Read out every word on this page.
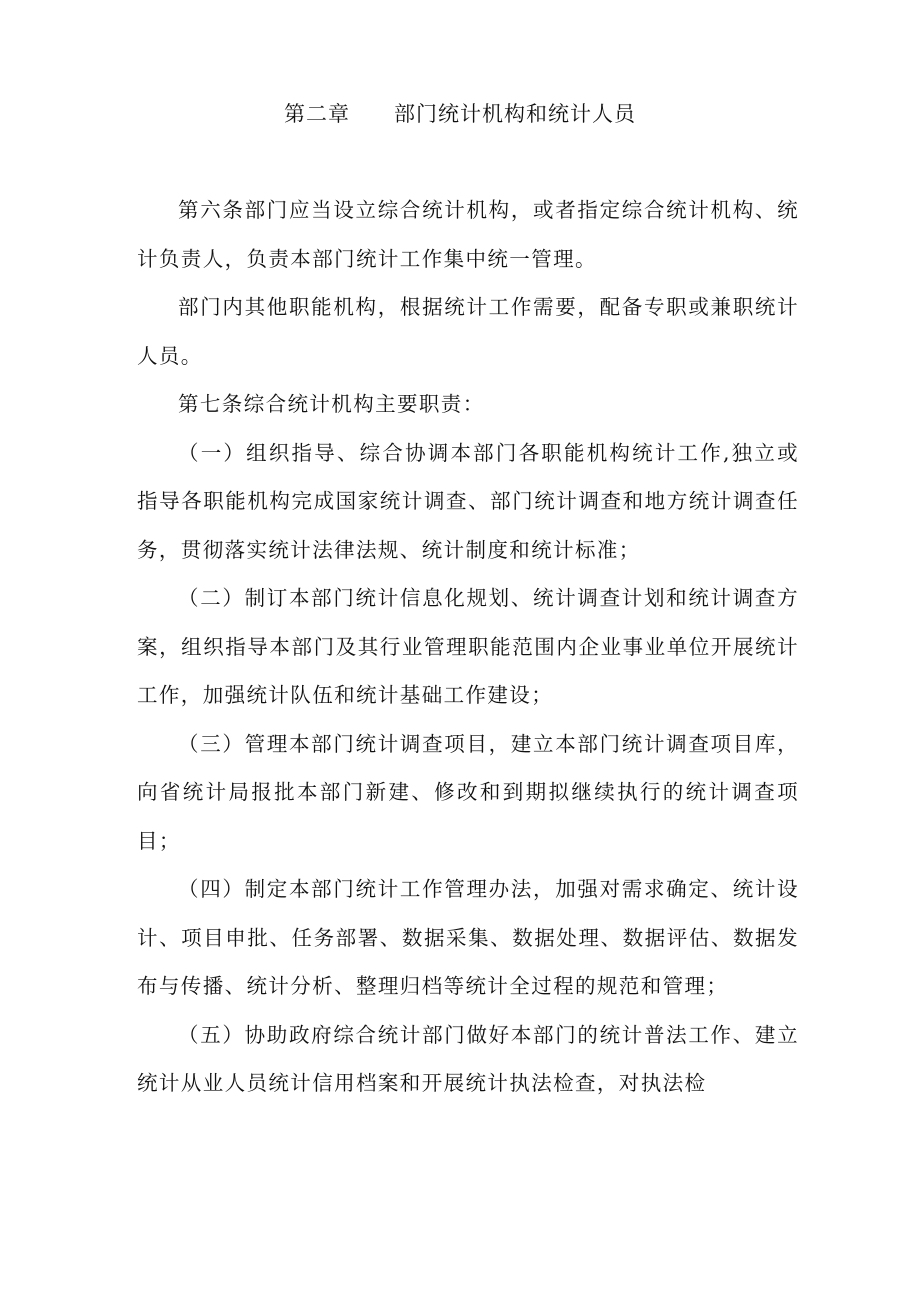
第二章　　部门统计机构和统计人员

第六条部门应当设立综合统计机构，或者指定综合统计机构、统计负责人，负责本部门统计工作集中统一管理。

部门内其他职能机构，根据统计工作需要，配备专职或兼职统计人员。

第七条综合统计机构主要职责：

（一）组织指导、综合协调本部门各职能机构统计工作,独立或指导各职能机构完成国家统计调查、部门统计调查和地方统计调查任务，贯彻落实统计法律法规、统计制度和统计标准；

（二）制订本部门统计信息化规划、统计调查计划和统计调查方案，组织指导本部门及其行业管理职能范围内企业事业单位开展统计工作，加强统计队伍和统计基础工作建设；

（三）管理本部门统计调查项目，建立本部门统计调查项目库，向省统计局报批本部门新建、修改和到期拟继续执行的统计调查项目；

（四）制定本部门统计工作管理办法，加强对需求确定、统计设计、项目申批、任务部署、数据采集、数据处理、数据评估、数据发布与传播、统计分析、整理归档等统计全过程的规范和管理；

（五）协助政府综合统计部门做好本部门的统计普法工作、建立统计从业人员统计信用档案和开展统计执法检查，对执法检
